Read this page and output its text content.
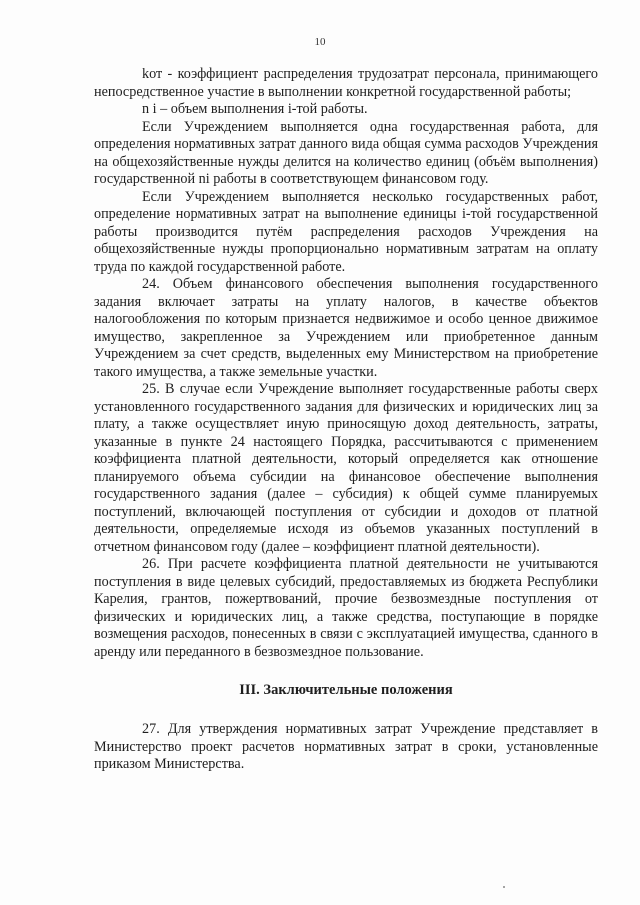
10

kот - коэффициент распределения трудозатрат персонала, принимающего непосредственное участие в выполнении конкретной государственной работы;

n i – объем выполнения i-той работы.

Если Учреждением выполняется одна государственная работа, для определения нормативных затрат данного вида общая сумма расходов Учреждения на общехозяйственные нужды делится на количество единиц (объём выполнения) государственной ni работы в соответствующем финансовом году.

Если Учреждением выполняется несколько государственных работ, определение нормативных затрат на выполнение единицы i-той государственной работы производится путём распределения расходов Учреждения на общехозяйственные нужды пропорционально нормативным затратам на оплату труда по каждой государственной работе.

24. Объем финансового обеспечения выполнения государственного задания включает затраты на уплату налогов, в качестве объектов налогообложения по которым признается недвижимое и особо ценное движимое имущество, закрепленное за Учреждением или приобретенное данным Учреждением за счет средств, выделенных ему Министерством на приобретение такого имущества, а также земельные участки.

25. В случае если Учреждение выполняет государственные работы сверх установленного государственного задания для физических и юридических лиц за плату, а также осуществляет иную приносящую доход деятельность, затраты, указанные в пункте 24 настоящего Порядка, рассчитываются с применением коэффициента платной деятельности, который определяется как отношение планируемого объема субсидии на финансовое обеспечение выполнения государственного задания (далее – субсидия) к общей сумме планируемых поступлений, включающей поступления от субсидии и доходов от платной деятельности, определяемые исходя из объемов указанных поступлений в отчетном финансовом году (далее – коэффициент платной деятельности).

26. При расчете коэффициента платной деятельности не учитываются поступления в виде целевых субсидий, предоставляемых из бюджета Республики Карелия, грантов, пожертвований, прочие безвозмездные поступления от физических и юридических лиц, а также средства, поступающие в порядке возмещения расходов, понесенных в связи с эксплуатацией имущества, сданного в аренду или переданного в безвозмездное пользование.

III. Заключительные положения

27. Для утверждения нормативных затрат Учреждение представляет в Министерство проект расчетов нормативных затрат в сроки, установленные приказом Министерства.
